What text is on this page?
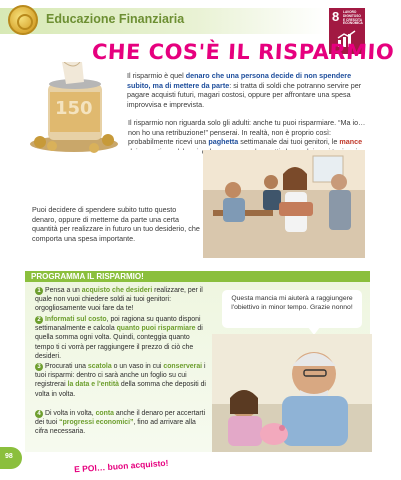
Educazione Finanziaria	8 LAVORO DIGNITOSO E CRESCITA ECONOMICA
CHE COS'È IL RISPARMIO
150
Il risparmio è quel denaro che una persona decide di non spendere subito, ma di mettere da parte: si tratta di soldi che potranno servire per pagare acquisti futuri, magari costosi, oppure per affrontare una spesa improvvisa e imprevista.
Il risparmio non riguarda solo gli adulti: anche tu puoi risparmiare. “Ma io… non ho una retribuzione!” penserai. In realtà, non è proprio così: probabilmente ricevi una paghetta settimanale dai tuoi genitori, le mance
Puoi decidere di spendere subito tutto questo denaro, oppure di metterne da parte una certa quantità per realizzare in futuro un tuo desiderio, che comporta una spesa importante.
PROGRAMMA IL RISPARMIO!
1 Pensa a un acquisto che desideri realizzare, per il quale non vuoi chiedere soldi ai tuoi genitori: orgogliosamente vuoi fare da te!
2 Informati sul costo, poi ragiona su quanto disponi settimanalmente e calcola quanto puoi risparmiare di quella somma ogni volta. Quindi, conteggia quanto tempo ti ci vorrà per raggiungere il prezzo di ciò che desideri.
3 Procurati una scatola o un vaso in cui conserverai i tuoi risparmi: dentro ci sarà anche un foglio su cui registrerai la data e l'entità della somma che depositi di volta in volta.
4 Di volta in volta, conta anche il denaro per accertarti dei tuoi “progressi economici”, fino ad arrivare alla cifra necessaria.
Questa mancia mi aiuterà a raggiungere l'obiettivo in minor tempo. Grazie nonno!
E POI… buon acquisto!
98
